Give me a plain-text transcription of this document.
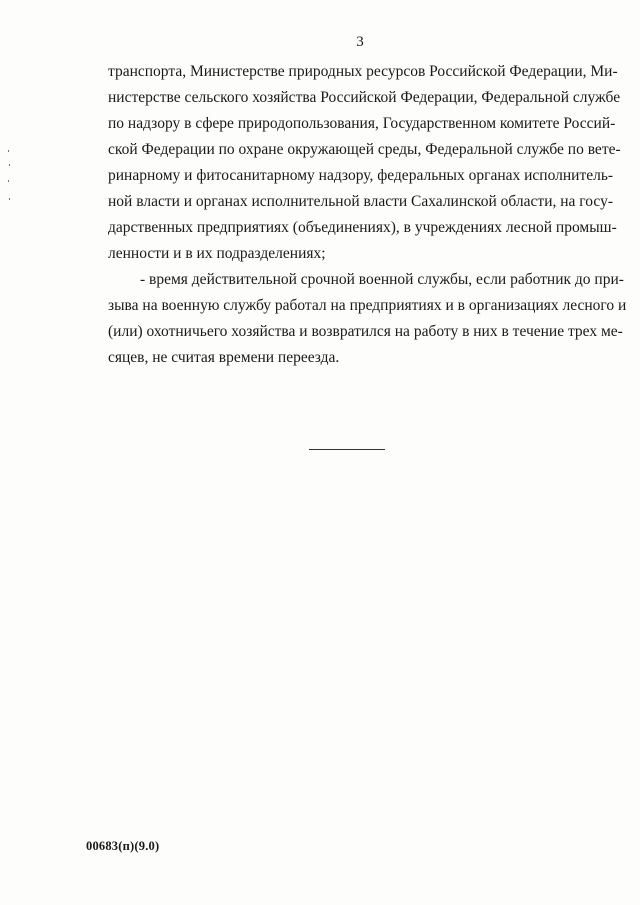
3
транспорта, Министерстве природных ресурсов Российской Федерации, Ми-
нистерстве сельского хозяйства Российской Федерации, Федеральной службе
по надзору в сфере природопользования, Государственном комитете Россий-
ской Федерации по охране окружающей среды, Федеральной службе по вете-
ринарному и фитосанитарному надзору, федеральных органах исполнитель-
ной власти и органах исполнительной власти Сахалинской области, на госу-
дарственных предприятиях (объединениях), в учреждениях лесной промыш-
ленности и в их подразделениях;
- время действительной срочной военной службы, если работник до при-
зыва на военную службу работал на предприятиях и в организациях лесного и
(или) охотничьего хозяйства и возвратился на работу в них в течение трех ме-
сяцев, не считая времени переезда.
00683(п)(9.0)
